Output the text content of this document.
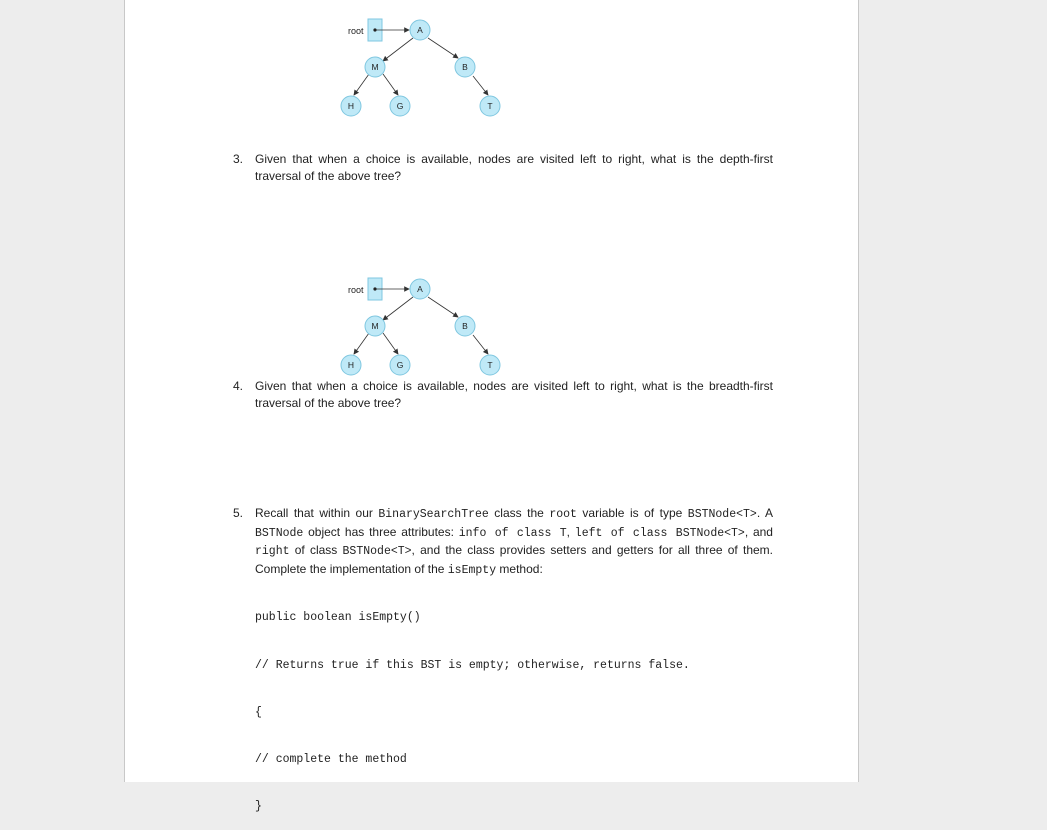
root	A
M	B
H	G	T
3. Given that when a choice is available, nodes are visited left to right, what is the depth-first traversal of the above tree?
root	A
M	B
H	G	T
4. Given that when a choice is available, nodes are visited left to right, what is the breadth-first traversal of the above tree?
5. Recall that within our BinarySearchTree class the root variable is of type BSTNode<T>. A BSTNode object has three attributes: info of class T, left of class BSTNode<T>, and right of class BSTNode<T>, and the class provides setters and getters for all three of them. Complete the implementation of the isEmpty method:

public boolean isEmpty()

// Returns true if this BST is empty; otherwise, returns false.

{

// complete the method

}
